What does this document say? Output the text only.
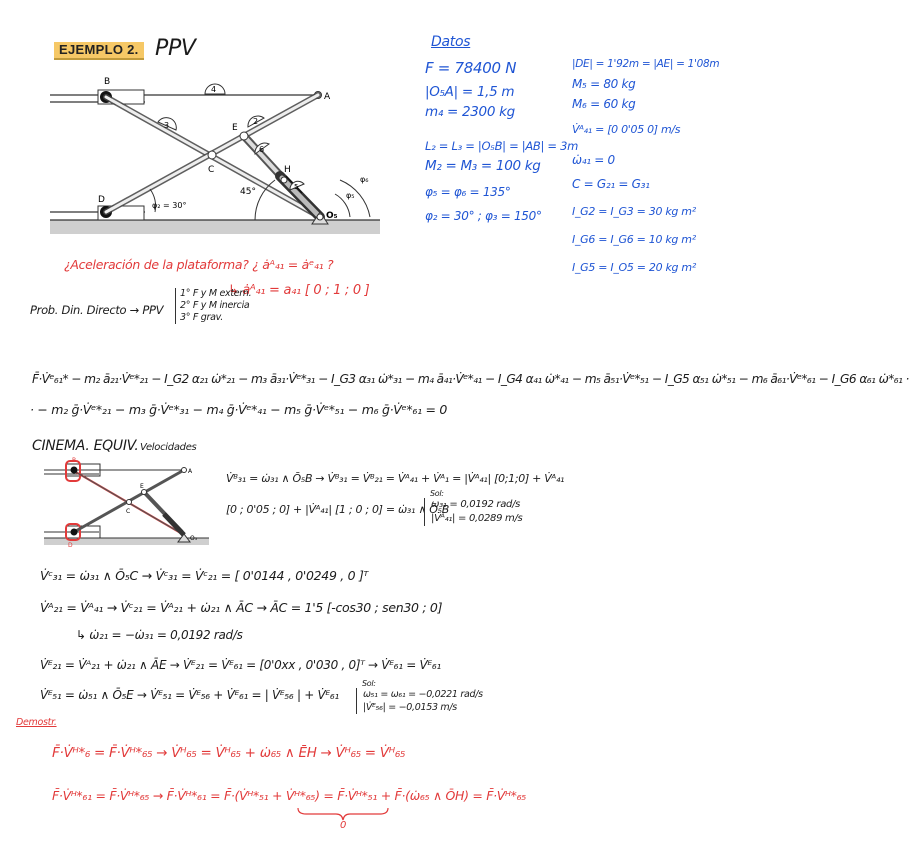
EJEMPLO 2. PPV	Datos
F = 78400 N
|O₅A| = 1,5 m
m₄ = 2300 kg
L₂ = L₃ = |O₅B| = |AB| = 3m
M₂ = M₃ = 100 kg
φ₅ = φ₆ = 135°
φ₂ = 30° ; φ₃ = 150°
|DE| = 1'92m = |AE| = 1'08m
M₅ = 80 kg
M₆ = 60 kg
V̇ᴬ₄₁ = [0 0'05 0] m/s
ω̇₄₁ = 0
C = G₂₁ = G₃₁
I_G2 = I_G3 = 30 kg m²
I_G6 = I_G6 = 10 kg m²
I_G5 = I_O5 = 20 kg m²
B
A
C
D
E
H
O₅
4
3	2
6
5
φ₂ = 30°
45°
φ₆
φ₅
¿Aceleración de la plataforma? ¿ ȧᴬ₄₁ = ȧᵉ₄₁ ?
↳ ȧᴬ₄₁ = a₄₁ [ 0 ; 1 ; 0 ]
Prob. Din. Directo → PPV
1° F y M extern.
2° F y M inercia
3° F grav.
F̄·V̇ᵉ₆₁* − m₂ ā₂₁·V̇ᵉ*₂₁ − I_G2 α₂₁ ω̇*₂₁ − m₃ ā₃₁·V̇ᵉ*₃₁ − I_G3 α₃₁ ω̇*₃₁ − m₄ ā₄₁·V̇ᵉ*₄₁ − I_G4 α₄₁ ω̇*₄₁ − m₅ ā₅₁·V̇ᵉ*₅₁ − I_G5 α₅₁ ω̇*₅₁ − m₆ ā₆₁·V̇ᵉ*₆₁ − I_G6 α₆₁ ω̇*₆₁ ·
· − m₂ ḡ·V̇ᵉ*₂₁ − m₃ ḡ·V̇ᵉ*₃₁ − m₄ ḡ·V̇ᵉ*₄₁ − m₅ ḡ·V̇ᵉ*₅₁ − m₆ ḡ·V̇ᵉ*₆₁ = 0
CINEMA. EQUIV. Velocidades
B
A
C
D
E
O₅
V̇ᴮ₃₁ = ω̇₃₁ ∧ Ō₅B → V̇ᴮ₃₁ = V̇ᴮ₂₁ = V̇ᴬ₄₁ + V̇ᴬ₁ = |V̇ᴬ₄₁| [0;1;0] + V̇ᴬ₄₁
[0 ; 0'05 ; 0] + |V̇ᴬ₄₁| [1 ; 0 ; 0] = ω̇₃₁ ∧ Ō₅B
Sol:
ω₃₁ = 0,0192 rad/s
|V̇ᴬ₄₁| = 0,0289 m/s
V̇ᶜ₃₁ = ω̇₃₁ ∧ Ō₅C → V̇ᶜ₃₁ = V̇ᶜ₂₁ = [ 0'0144 , 0'0249 , 0 ]ᵀ
V̇ᴬ₂₁ = V̇ᴬ₄₁ → V̇ᶜ₂₁ = V̇ᴬ₂₁ + ω̇₂₁ ∧ ĀC → ĀC = 1'5 [-cos30 ; sen30 ; 0]
↳ ω̇₂₁ = −ω̇₃₁ = 0,0192 rad/s
V̇ᴱ₂₁ = V̇ᴬ₂₁ + ω̇₂₁ ∧ ĀE → V̇ᴱ₂₁ = V̇ᴱ₆₁ = [0'0xx , 0'030 , 0]ᵀ → V̇ᴱ₆₁ = V̇ᴱ₆₁
V̇ᴱ₅₁ = ω̇₅₁ ∧ Ō₅E → V̇ᴱ₅₁ = V̇ᴱ₅₆ + V̇ᴱ₆₁ = | V̇ᴱ₅₆ | + V̇ᴱ₆₁
Sol:
ω₅₁ = ω₆₁ = −0,0221 rad/s
|V̇ᴱ₅₆| = −0,0153 m/s
Demostr.
F̄·V̇ᴴ*₆ = F̄·V̇ᴴ*₆₅ → V̇ᴴ₆₅ = V̇ᴴ₆₅ + ω̇₆₅ ∧ ĒH → V̇ᴴ₆₅ = V̇ᴴ₆₅
F̄·V̇ᴴ*₆₁ = F̄·V̇ᴴ*₆₅ → F̄·V̇ᴴ*₆₁ = F̄·(V̇ᴴ*₅₁ + V̇ᴴ*₆₅) = F̄·V̇ᴴ*₅₁ + F̄·(ω̇₆₅ ∧ ŌH) = F̄·V̇ᴴ*₆₅
0
